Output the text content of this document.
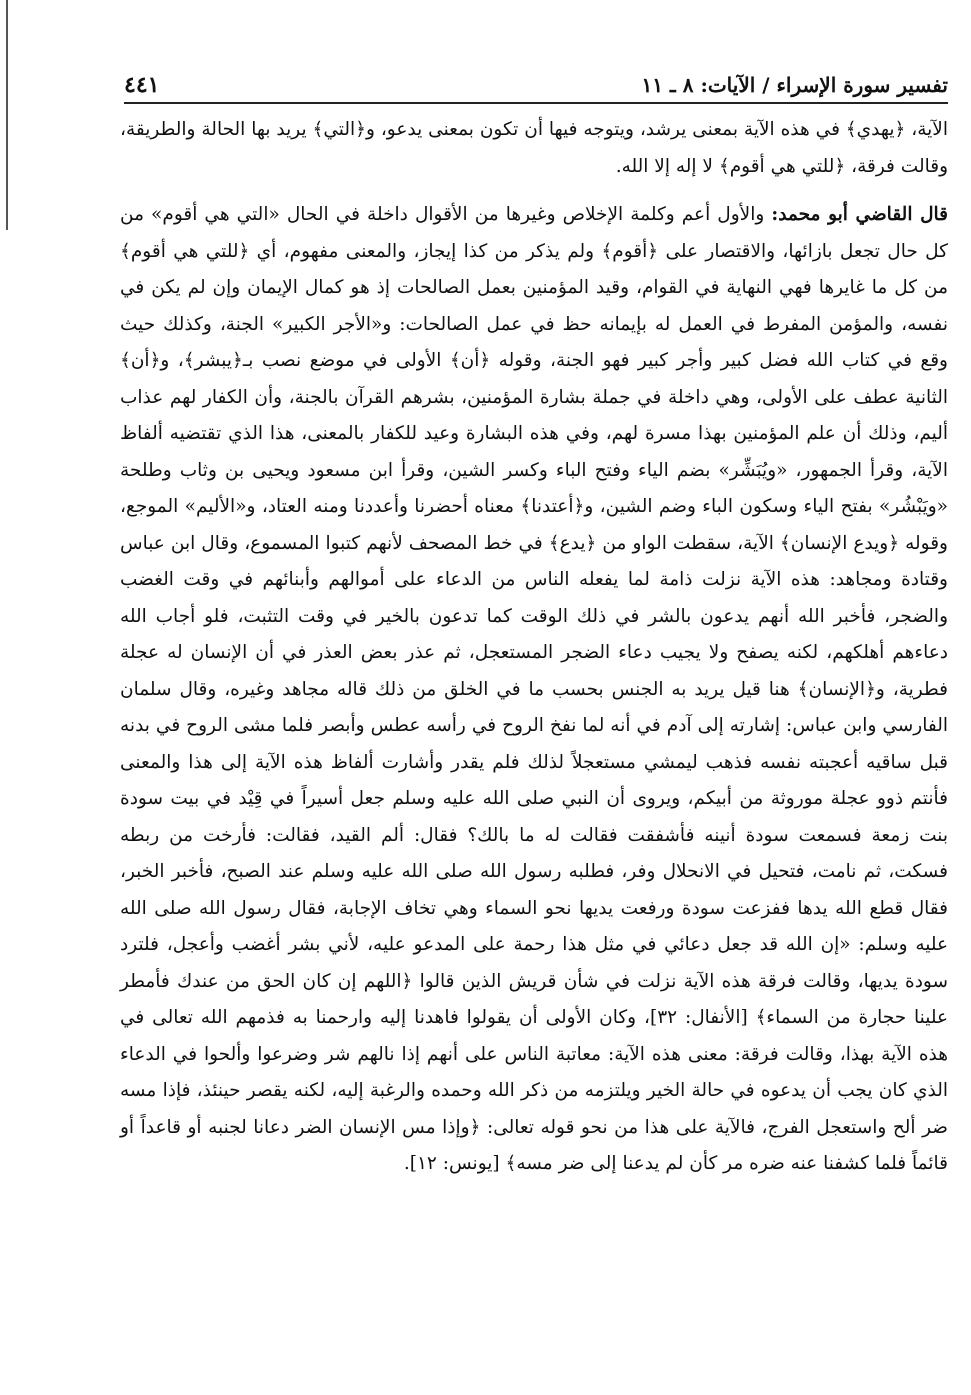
تفسير سورة الإسراء / الآيات: ٨ ـ ١١
٤٤١

الآية، ﴿يهدي﴾ في هذه الآية بمعنى يرشد، ويتوجه فيها أن تكون بمعنى يدعو، و﴿التي﴾ يريد بها الحالة والطريقة، وقالت فرقة، ﴿للتي هي أقوم﴾ لا إله إلا الله.

قال القاضي أبو محمد: والأول أعم وكلمة الإخلاص وغيرها من الأقوال داخلة في الحال «التي هي أقوم» من كل حال تجعل بازائها، والاقتصار على ﴿أقوم﴾ ولم يذكر من كذا إيجاز، والمعنى مفهوم، أي ﴿للتي هي أقوم﴾ من كل ما غايرها فهي النهاية في القوام، وقيد المؤمنين بعمل الصالحات إذ هو كمال الإيمان وإن لم يكن في نفسه، والمؤمن المفرط في العمل له بإيمانه حظ في عمل الصالحات: و«الأجر الكبير» الجنة، وكذلك حيث وقع في كتاب الله فضل كبير وأجر كبير فهو الجنة، وقوله ﴿أن﴾ الأولى في موضع نصب بـ﴿يبشر﴾، و﴿أن﴾ الثانية عطف على الأولى، وهي داخلة في جملة بشارة المؤمنين، بشرهم القرآن بالجنة، وأن الكفار لهم عذاب أليم، وذلك أن علم المؤمنين بهذا مسرة لهم، وفي هذه البشارة وعيد للكفار بالمعنى، هذا الذي تقتضيه ألفاظ الآية، وقرأ الجمهور، «ويُبَشِّر» بضم الياء وفتح الباء وكسر الشين، وقرأ ابن مسعود ويحيى بن وثاب وطلحة «ويَبْشُر» بفتح الياء وسكون الباء وضم الشين، و﴿أعتدنا﴾ معناه أحضرنا وأعددنا ومنه العتاد، و«الأليم» الموجع، وقوله ﴿ويدع الإنسان﴾ الآية، سقطت الواو من ﴿يدع﴾ في خط المصحف لأنهم كتبوا المسموع، وقال ابن عباس وقتادة ومجاهد: هذه الآية نزلت ذامة لما يفعله الناس من الدعاء على أموالهم وأبنائهم في وقت الغضب والضجر، فأخبر الله أنهم يدعون بالشر في ذلك الوقت كما تدعون بالخير في وقت التثبت، فلو أجاب الله دعاءهم أهلكهم، لكنه يصفح ولا يجيب دعاء الضجر المستعجل، ثم عذر بعض العذر في أن الإنسان له عجلة فطرية، و﴿الإنسان﴾ هنا قيل يريد به الجنس بحسب ما في الخلق من ذلك قاله مجاهد وغيره، وقال سلمان الفارسي وابن عباس: إشارته إلى آدم في أنه لما نفخ الروح في رأسه عطس وأبصر فلما مشى الروح في بدنه قبل ساقيه أعجبته نفسه فذهب ليمشي مستعجلاً لذلك فلم يقدر وأشارت ألفاظ هذه الآية إلى هذا والمعنى فأنتم ذوو عجلة موروثة من أبيكم، ويروى أن النبي صلى الله عليه وسلم جعل أسيراً في قِيْد في بيت سودة بنت زمعة فسمعت سودة أنينه فأشفقت فقالت له ما بالك؟ فقال: ألم القيد، فقالت: فأرخت من ربطه فسكت، ثم نامت، فتحيل في الانحلال وفر، فطلبه رسول الله صلى الله عليه وسلم عند الصبح، فأخبر الخبر، فقال قطع الله يدها ففزعت سودة ورفعت يديها نحو السماء وهي تخاف الإجابة، فقال رسول الله صلى الله عليه وسلم: «إن الله قد جعل دعائي في مثل هذا رحمة على المدعو عليه، لأني بشر أغضب وأعجل، فلترد سودة يديها، وقالت فرقة هذه الآية نزلت في شأن قريش الذين قالوا ﴿اللهم إن كان الحق من عندك فأمطر علينا حجارة من السماء﴾ [الأنفال: ٣٢]، وكان الأولى أن يقولوا فاهدنا إليه وارحمنا به فذمهم الله تعالى في هذه الآية بهذا، وقالت فرقة: معنى هذه الآية: معاتبة الناس على أنهم إذا نالهم شر وضرعوا وألحوا في الدعاء الذي كان يجب أن يدعوه في حالة الخير ويلتزمه من ذكر الله وحمده والرغبة إليه، لكنه يقصر حينئذ، فإذا مسه ضر ألح واستعجل الفرج، فالآية على هذا من نحو قوله تعالى: ﴿وإذا مس الإنسان الضر دعانا لجنبه أو قاعداً أو قائماً فلما كشفنا عنه ضره مر كأن لم يدعنا إلى ضر مسه﴾ [يونس: ١٢].
